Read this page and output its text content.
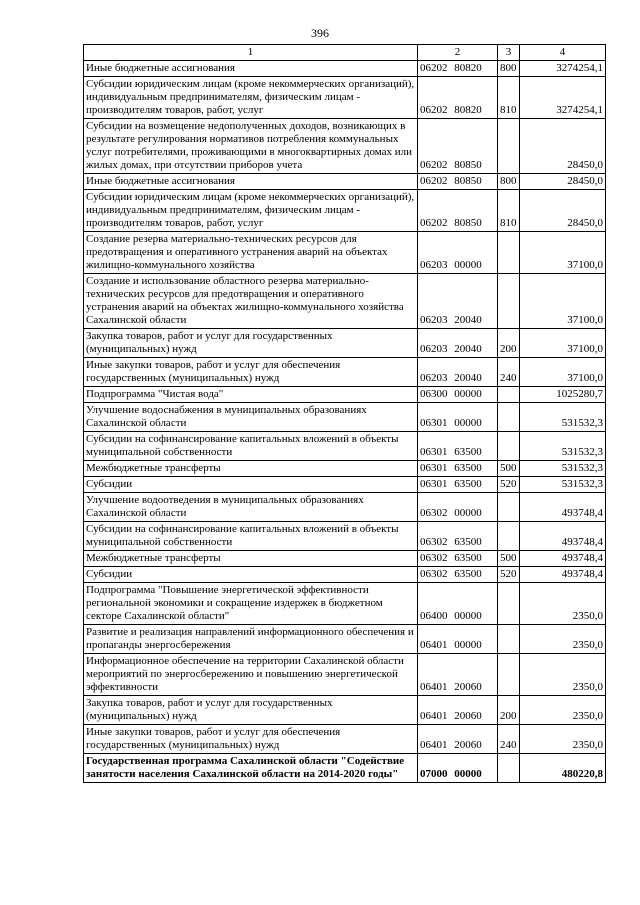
396
1	2	3	4
Иные бюджетные ассигнования	06202 80820	800	3274254,1
Субсидии юридическим лицам (кроме некоммерческих организаций), индивидуальным предпринимателям, физическим лицам - производителям товаров, работ, услуг	06202 80820	810	3274254,1
Субсидии на возмещение недополученных доходов, возникающих в результате регулирования нормативов потребления коммунальных услуг потребителями, проживающими в многоквартирных домах или жилых домах, при отсутствии приборов учета	06202 80850		28450,0
Иные бюджетные ассигнования	06202 80850	800	28450,0
Субсидии юридическим лицам (кроме некоммерческих организаций), индивидуальным предпринимателям, физическим лицам - производителям товаров, работ, услуг	06202 80850	810	28450,0
Создание резерва материально-технических ресурсов для предотвращения и оперативного устранения аварий на объектах жилищно-коммунального хозяйства	06203 00000		37100,0
Создание и использование областного резерва материально-технических ресурсов для предотвращения и оперативного устранения аварий на объектах жилищно-коммунального хозяйства Сахалинской области	06203 20040		37100,0
Закупка товаров, работ и услуг для государственных (муниципальных) нужд	06203 20040	200	37100,0
Иные закупки товаров, работ и услуг для обеспечения государственных (муниципальных) нужд	06203 20040	240	37100,0
Подпрограмма "Чистая вода"	06300 00000		1025280,7
Улучшение водоснабжения в муниципальных образованиях Сахалинской области	06301 00000		531532,3
Субсидии на софинансирование капитальных вложений в объекты муниципальной собственности	06301 63500		531532,3
Межбюджетные трансферты	06301 63500	500	531532,3
Субсидии	06301 63500	520	531532,3
Улучшение водоотведения в муниципальных образованиях Сахалинской области	06302 00000		493748,4
Субсидии на софинансирование капитальных вложений в объекты муниципальной собственности	06302 63500		493748,4
Межбюджетные трансферты	06302 63500	500	493748,4
Субсидии	06302 63500	520	493748,4
Подпрограмма "Повышение энергетической эффективности региональной экономики и сокращение издержек в бюджетном секторе Сахалинской области"	06400 00000		2350,0
Развитие и реализация направлений информационного обеспечения и пропаганды энергосбережения	06401 00000		2350,0
Информационное обеспечение на территории Сахалинской области мероприятий по энергосбережению и повышению энергетической эффективности	06401 20060		2350,0
Закупка товаров, работ и услуг для государственных (муниципальных) нужд	06401 20060	200	2350,0
Иные закупки товаров, работ и услуг для обеспечения государственных (муниципальных) нужд	06401 20060	240	2350,0
Государственная программа Сахалинской области "Содействие занятости населения Сахалинской области на 2014-2020 годы"	07000 00000		480220,8
